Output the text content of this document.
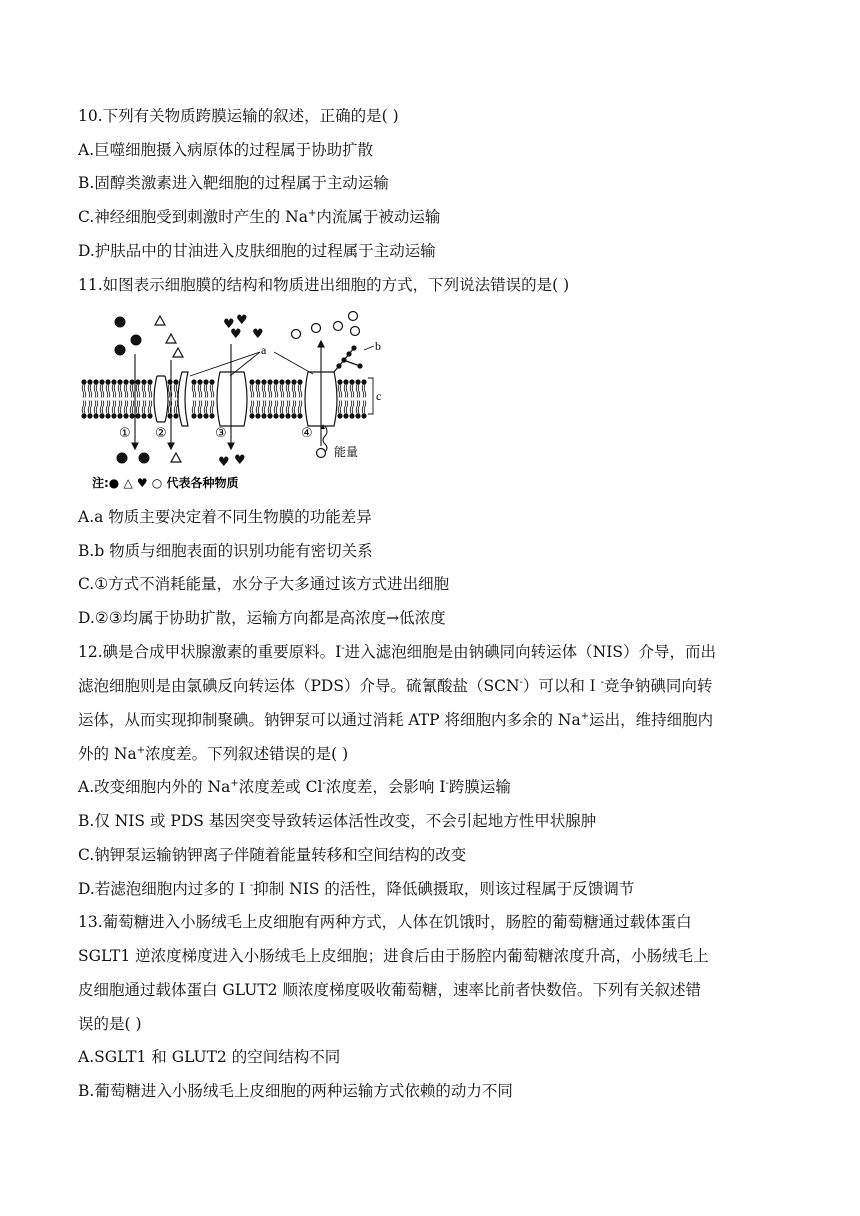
10.下列有关物质跨膜运输的叙述，正确的是( )
A.巨噬细胞摄入病原体的过程属于协助扩散
B.固醇类激素进入靶细胞的过程属于主动运输
C.神经细胞受到刺激时产生的 Na+内流属于被动运输
D.护肤品中的甘油进入皮肤细胞的过程属于主动运输
11.如图表示细胞膜的结构和物质进出细胞的方式，下列说法错误的是( )
a	b
c
♥ ♥
♥ ♥
① ②	③	④
能量
♥ ♥
注:● △ ♥ ○ 代表各种物质
A.a 物质主要决定着不同生物膜的功能差异
B.b 物质与细胞表面的识别功能有密切关系
C.①方式不消耗能量，水分子大多通过该方式进出细胞
D.②③均属于协助扩散，运输方向都是高浓度→低浓度
12.碘是合成甲状腺激素的重要原料。I-进入滤泡细胞是由钠碘同向转运体（NIS）介导，而出
滤泡细胞则是由氯碘反向转运体（PDS）介导。硫氰酸盐（SCN-）可以和Ｉ-竞争钠碘同向转
运体，从而实现抑制聚碘。钠钾泵可以通过消耗 ATP 将细胞内多余的 Na+运出，维持细胞内
外的 Na+浓度差。下列叙述错误的是( )
A.改变细胞内外的 Na+浓度差或 Cl-浓度差，会影响 I-跨膜运输
B.仅 NIS 或 PDS 基因突变导致转运体活性改变，不会引起地方性甲状腺肿
C.钠钾泵运输钠钾离子伴随着能量转移和空间结构的改变
D.若滤泡细胞内过多的Ｉ-抑制 NIS 的活性，降低碘摄取，则该过程属于反馈调节
13.葡萄糖进入小肠绒毛上皮细胞有两种方式，人体在饥饿时，肠腔的葡萄糖通过载体蛋白
SGLT1 逆浓度梯度进入小肠绒毛上皮细胞；进食后由于肠腔内葡萄糖浓度升高，小肠绒毛上
皮细胞通过载体蛋白 GLUT2 顺浓度梯度吸收葡萄糖，速率比前者快数倍。下列有关叙述错
误的是( )
A.SGLT1 和 GLUT2 的空间结构不同
B.葡萄糖进入小肠绒毛上皮细胞的两种运输方式依赖的动力不同
